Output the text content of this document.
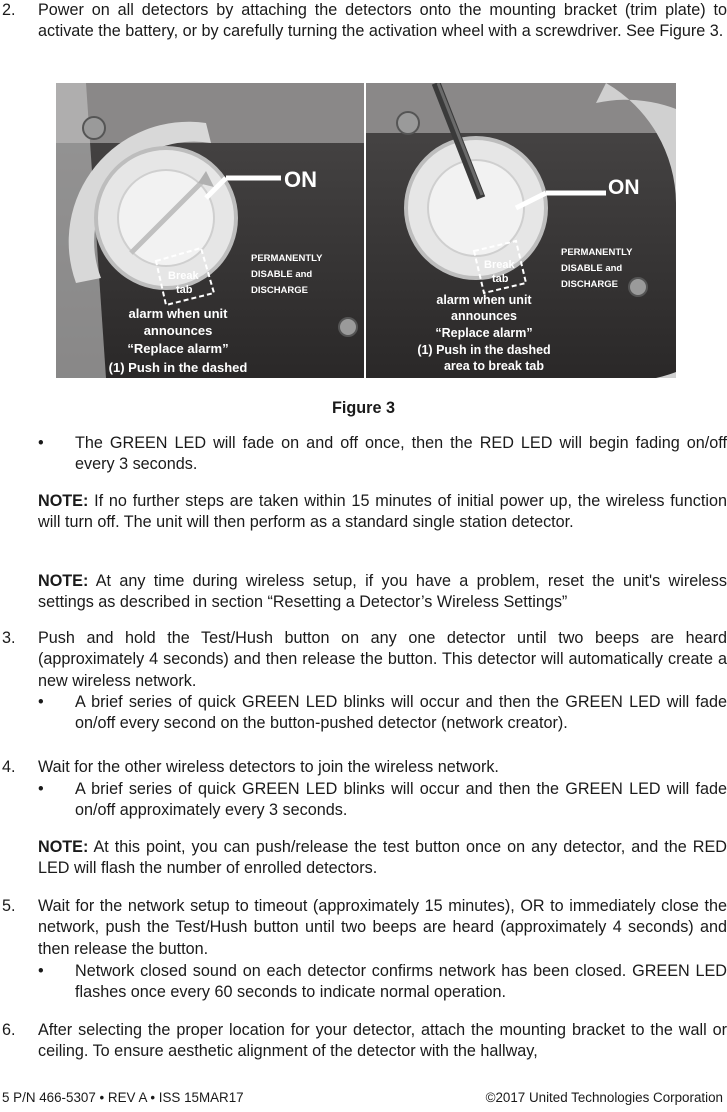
2. Power on all detectors by attaching the detectors onto the mounting bracket (trim plate) to activate the battery, or by carefully turning the activation wheel with a screwdriver. See Figure 3.
ON
PERMANENTLY
DISABLE and
DISCHARGE
Break
tab
alarm when unit
announces
“Replace alarm”
(1) Push in the dashed
ON
PERMANENTLY
DISABLE and
DISCHARGE
Break
tab
alarm when unit
announces
“Replace alarm”
(1) Push in the dashed
area to break tab
Figure 3
• The GREEN LED will fade on and off once, then the RED LED will begin fading on/off every 3 seconds.
NOTE: If no further steps are taken within 15 minutes of initial power up, the wireless function will turn off. The unit will then perform as a standard single station detector.
NOTE: At any time during wireless setup, if you have a problem, reset the unit's wireless settings as described in section “Resetting a Detector’s Wireless Settings”
3. Push and hold the Test/Hush button on any one detector until two beeps are heard (approximately 4 seconds) and then release the button. This detector will automatically create a new wireless network.
• A brief series of quick GREEN LED blinks will occur and then the GREEN LED will fade on/off every second on the button-pushed detector (network creator).
4. Wait for the other wireless detectors to join the wireless network.
• A brief series of quick GREEN LED blinks will occur and then the GREEN LED will fade on/off approximately every 3 seconds.
NOTE: At this point, you can push/release the test button once on any detector, and the RED LED will flash the number of enrolled detectors.
5. Wait for the network setup to timeout (approximately 15 minutes), OR to immediately close the network, push the Test/Hush button until two beeps are heard (approximately 4 seconds) and then release the button.
• Network closed sound on each detector confirms network has been closed. GREEN LED flashes once every 60 seconds to indicate normal operation.
6. After selecting the proper location for your detector, attach the mounting bracket to the wall or ceiling. To ensure aesthetic alignment of the detector with the hallway,
5 P/N 466-5307 • REV A • ISS 15MAR17	©2017 United Technologies Corporation
